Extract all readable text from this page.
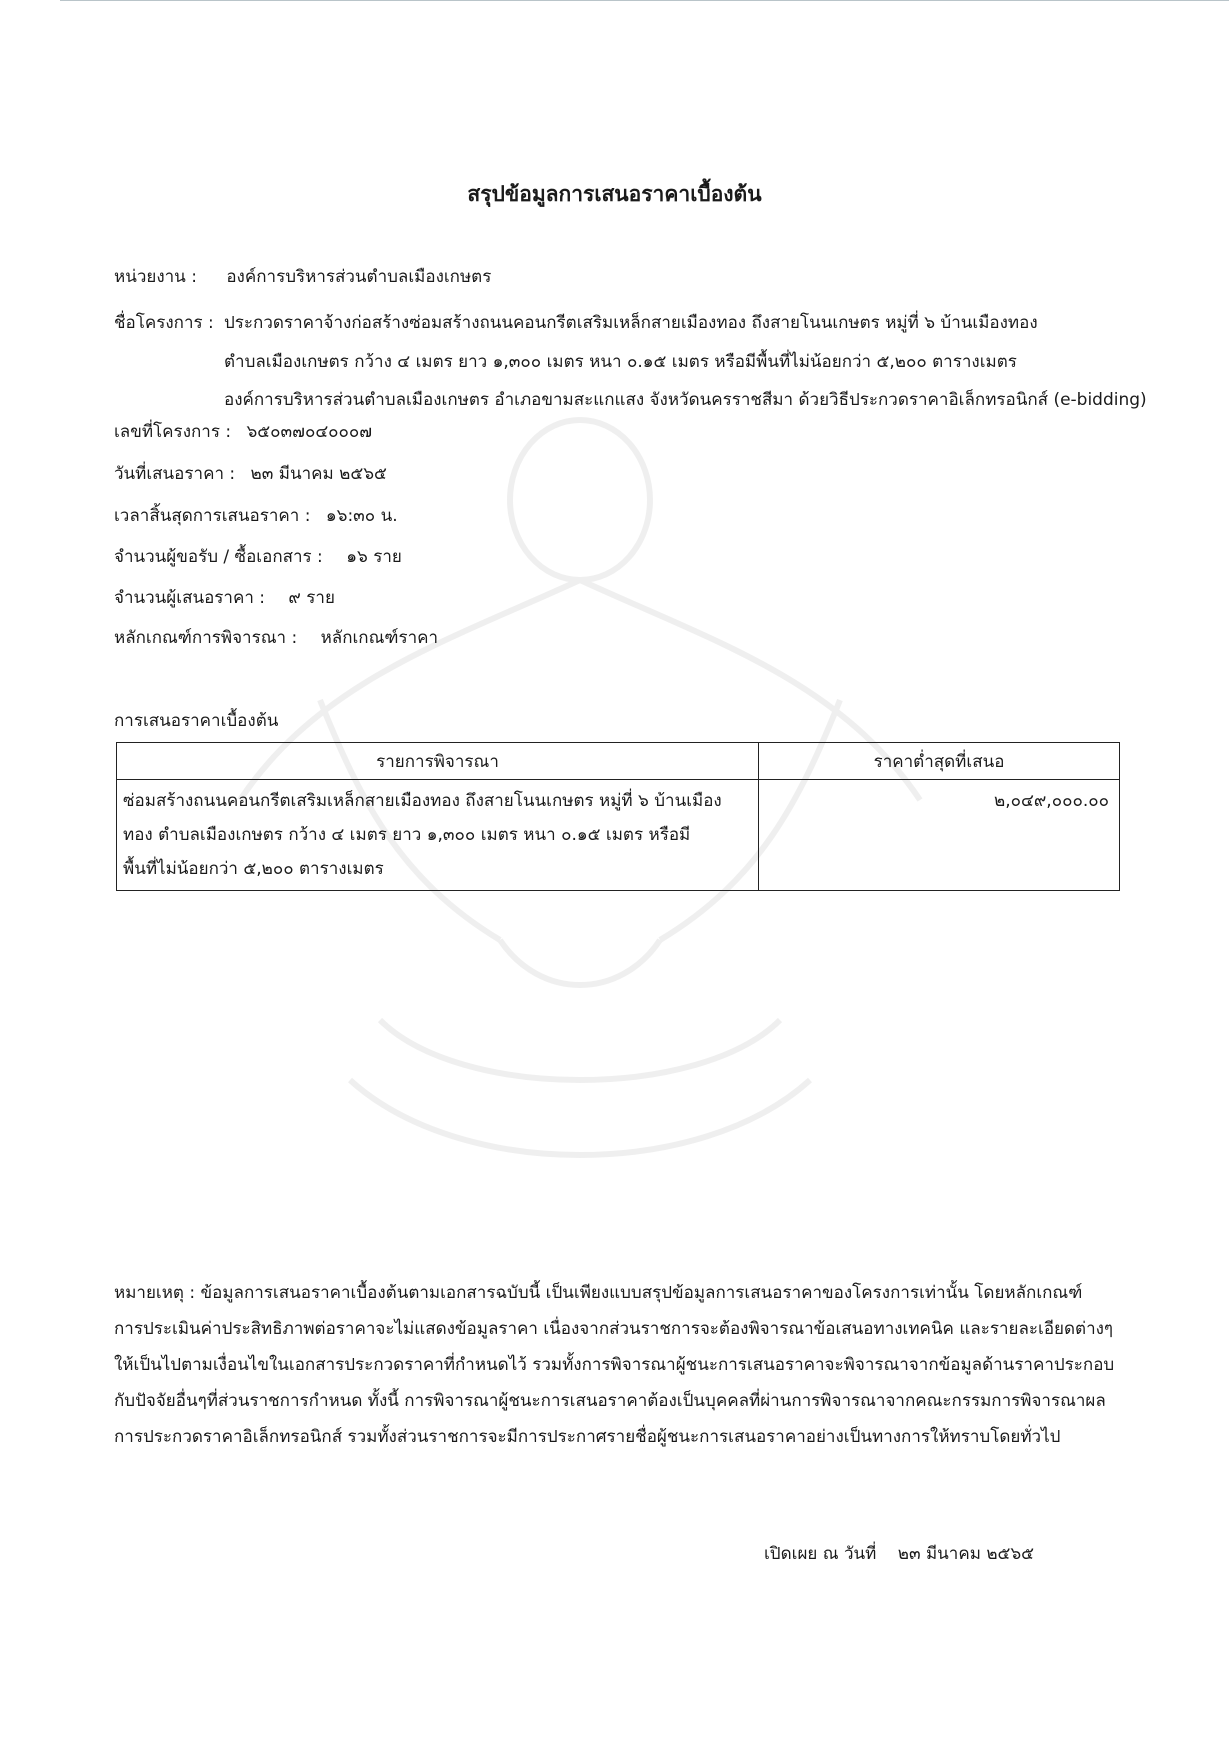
สรุปข้อมูลการเสนอราคาเบื้องต้น
หน่วยงาน : องค์การบริหารส่วนตำบลเมืองเกษตร
ชื่อโครงการ : ประกวดราคาจ้างก่อสร้างซ่อมสร้างถนนคอนกรีตเสริมเหล็กสายเมืองทอง ถึงสายโนนเกษตร หมู่ที่ ๖ บ้านเมืองทอง
ตำบลเมืองเกษตร กว้าง ๔ เมตร ยาว ๑,๓๐๐ เมตร หนา ๐.๑๕ เมตร หรือมีพื้นที่ไม่น้อยกว่า ๕,๒๐๐ ตารางเมตร
องค์การบริหารส่วนตำบลเมืองเกษตร อำเภอขามสะแกแสง จังหวัดนครราชสีมา ด้วยวิธีประกวดราคาอิเล็กทรอนิกส์ (e-bidding)
เลขที่โครงการ : ๖๕๐๓๗๐๔๐๐๐๗
วันที่เสนอราคา : ๒๓ มีนาคม ๒๕๖๕
เวลาสิ้นสุดการเสนอราคา : ๑๖:๓๐ น.
จำนวนผู้ขอรับ / ซื้อเอกสาร : ๑๖ ราย
จำนวนผู้เสนอราคา : ๙ ราย
หลักเกณฑ์การพิจารณา : หลักเกณฑ์ราคา
การเสนอราคาเบื้องต้น
รายการพิจารณา	ราคาต่ำสุดที่เสนอ

ซ่อมสร้างถนนคอนกรีตเสริมเหล็กสายเมืองทอง ถึงสายโนนเกษตร หมู่ที่ ๖ บ้านเมือง
ทอง ตำบลเมืองเกษตร กว้าง ๔ เมตร ยาว ๑,๓๐๐ เมตร หนา ๐.๑๕ เมตร หรือมี
พื้นที่ไม่น้อยกว่า ๕,๒๐๐ ตารางเมตร	๒,๐๔๙,๐๐๐.๐๐

หมายเหตุ : ข้อมูลการเสนอราคาเบื้องต้นตามเอกสารฉบับนี้ เป็นเพียงแบบสรุปข้อมูลการเสนอราคาของโครงการเท่านั้น โดยหลักเกณฑ์

การประเมินค่าประสิทธิภาพต่อราคาจะไม่แสดงข้อมูลราคา เนื่องจากส่วนราชการจะต้องพิจารณาข้อเสนอทางเทคนิค และรายละเอียดต่างๆ

ให้เป็นไปตามเงื่อนไขในเอกสารประกวดราคาที่กำหนดไว้ รวมทั้งการพิจารณาผู้ชนะการเสนอราคาจะพิจารณาจากข้อมูลด้านราคาประกอบ

กับปัจจัยอื่นๆที่ส่วนราชการกำหนด ทั้งนี้ การพิจารณาผู้ชนะการเสนอราคาต้องเป็นบุคคลที่ผ่านการพิจารณาจากคณะกรรมการพิจารณาผล

การประกวดราคาอิเล็กทรอนิกส์ รวมทั้งส่วนราชการจะมีการประกาศรายชื่อผู้ชนะการเสนอราคาอย่างเป็นทางการให้ทราบโดยทั่วไป

เปิดเผย ณ วันที่ ๒๓ มีนาคม ๒๕๖๕
